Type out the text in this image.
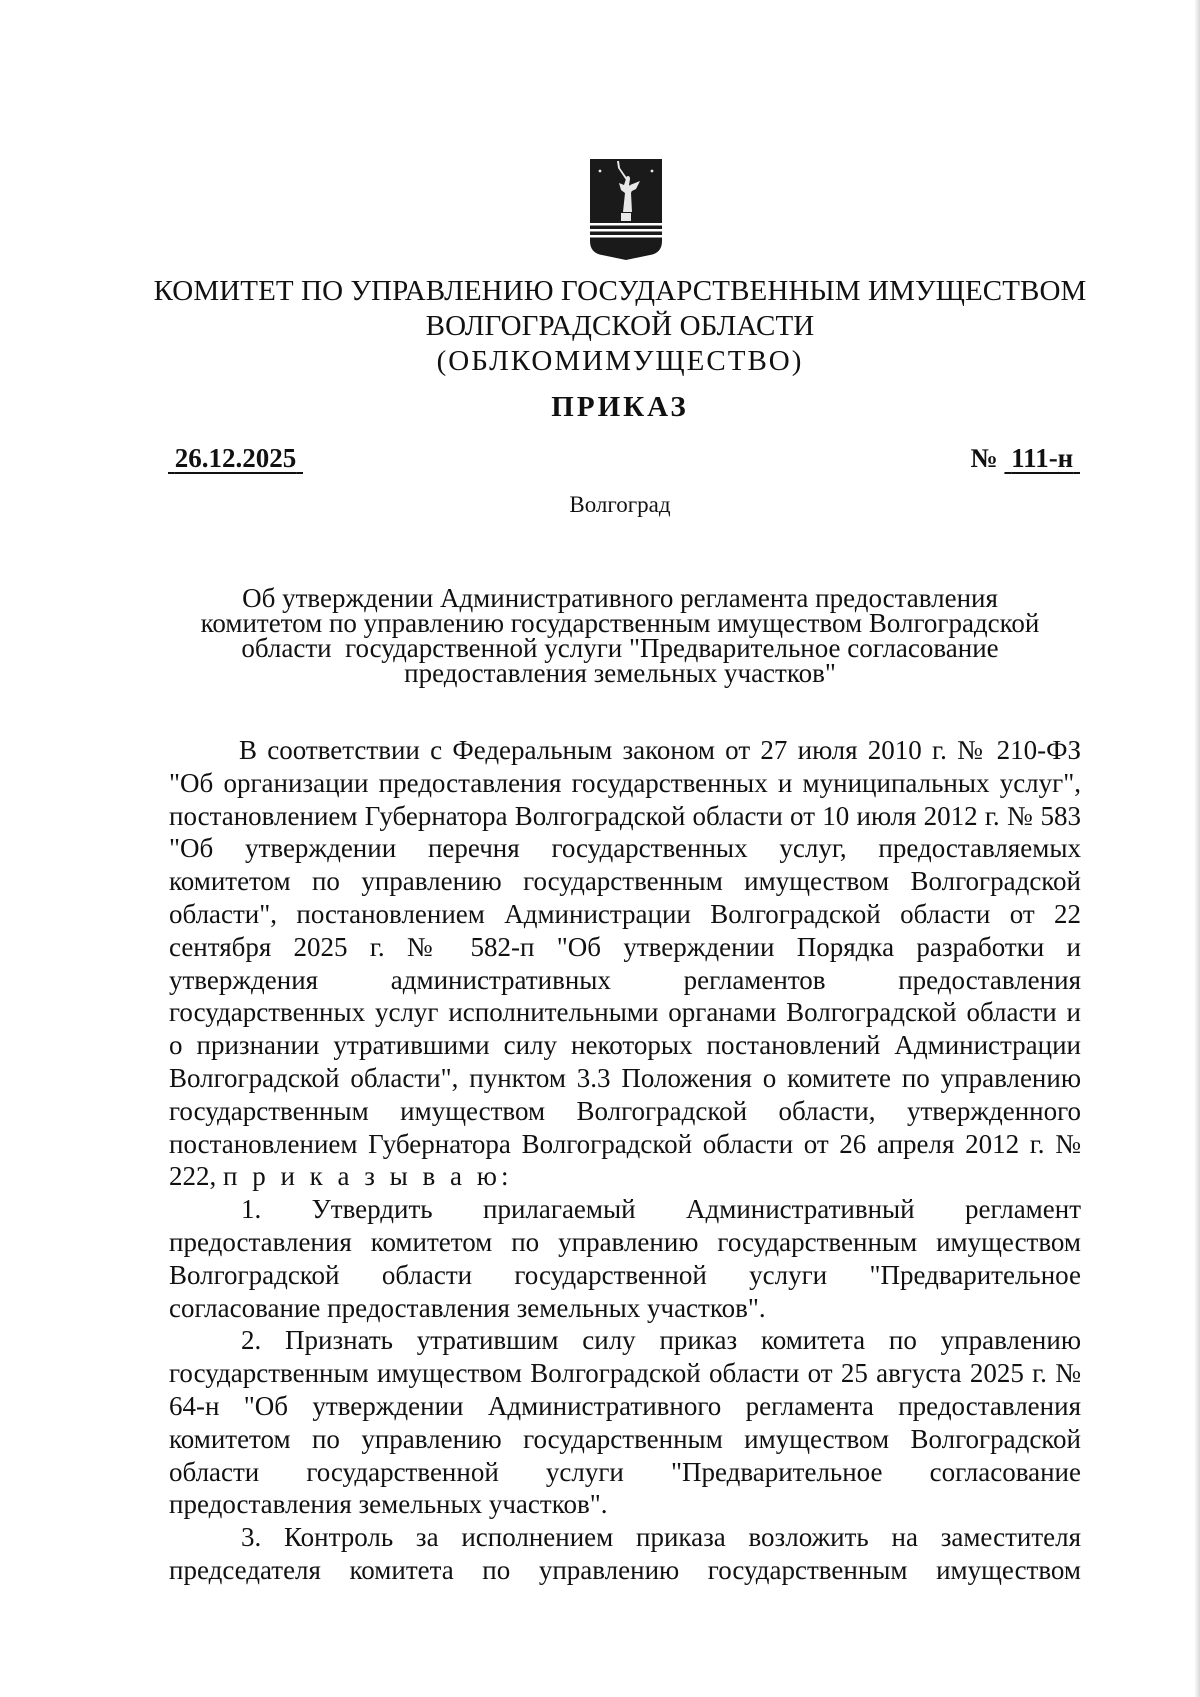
КОМИТЕТ ПО УПРАВЛЕНИЮ ГОСУДАРСТВЕННЫМ ИМУЩЕСТВОМ
ВОЛГОГРАДСКОЙ ОБЛАСТИ
(ОБЛКОМИМУЩЕСТВО)
ПРИКАЗ
26.12.2025	№ 111-н
Волгоград
Об утверждении Административного регламента предоставления
комитетом по управлению государственным имуществом Волгоградской
области  государственной услуги "Предварительное согласование
предоставления земельных участков"

В соответствии с Федеральным законом от 27 июля 2010 г. № 210-ФЗ "Об организации предоставления государственных и муниципальных услуг", постановлением Губернатора Волгоградской области от 10 июля 2012 г. № 583 "Об утверждении перечня государственных услуг, предоставляемых комитетом по управлению государственным имуществом Волгоградской области", постановлением Администрации Волгоградской области от 22 сентября 2025 г. № 582-п "Об утверждении Порядка разработки и утверждения административных регламентов предоставления государственных услуг исполнительными органами Волгоградской области и о признании утратившими силу некоторых постановлений Администрации Волгоградской области", пунктом 3.3 Положения о комитете по управлению государственным имуществом Волгоградской области, утвержденного постановлением Губернатора Волгоградской области от 26 апреля 2012 г. № 222, п р и к а з ы в а ю:

1. Утвердить прилагаемый Административный регламент предоставления комитетом по управлению государственным имуществом Волгоградской области государственной услуги "Предварительное согласование предоставления земельных участков".

2. Признать утратившим силу приказ комитета по управлению государственным имуществом Волгоградской области от 25 августа 2025 г. № 64-н "Об утверждении Административного регламента предоставления комитетом по управлению государственным имуществом Волгоградской области государственной услуги "Предварительное согласование предоставления земельных участков".

3. Контроль за исполнением приказа возложить на заместителя председателя комитета по управлению государственным имуществом
